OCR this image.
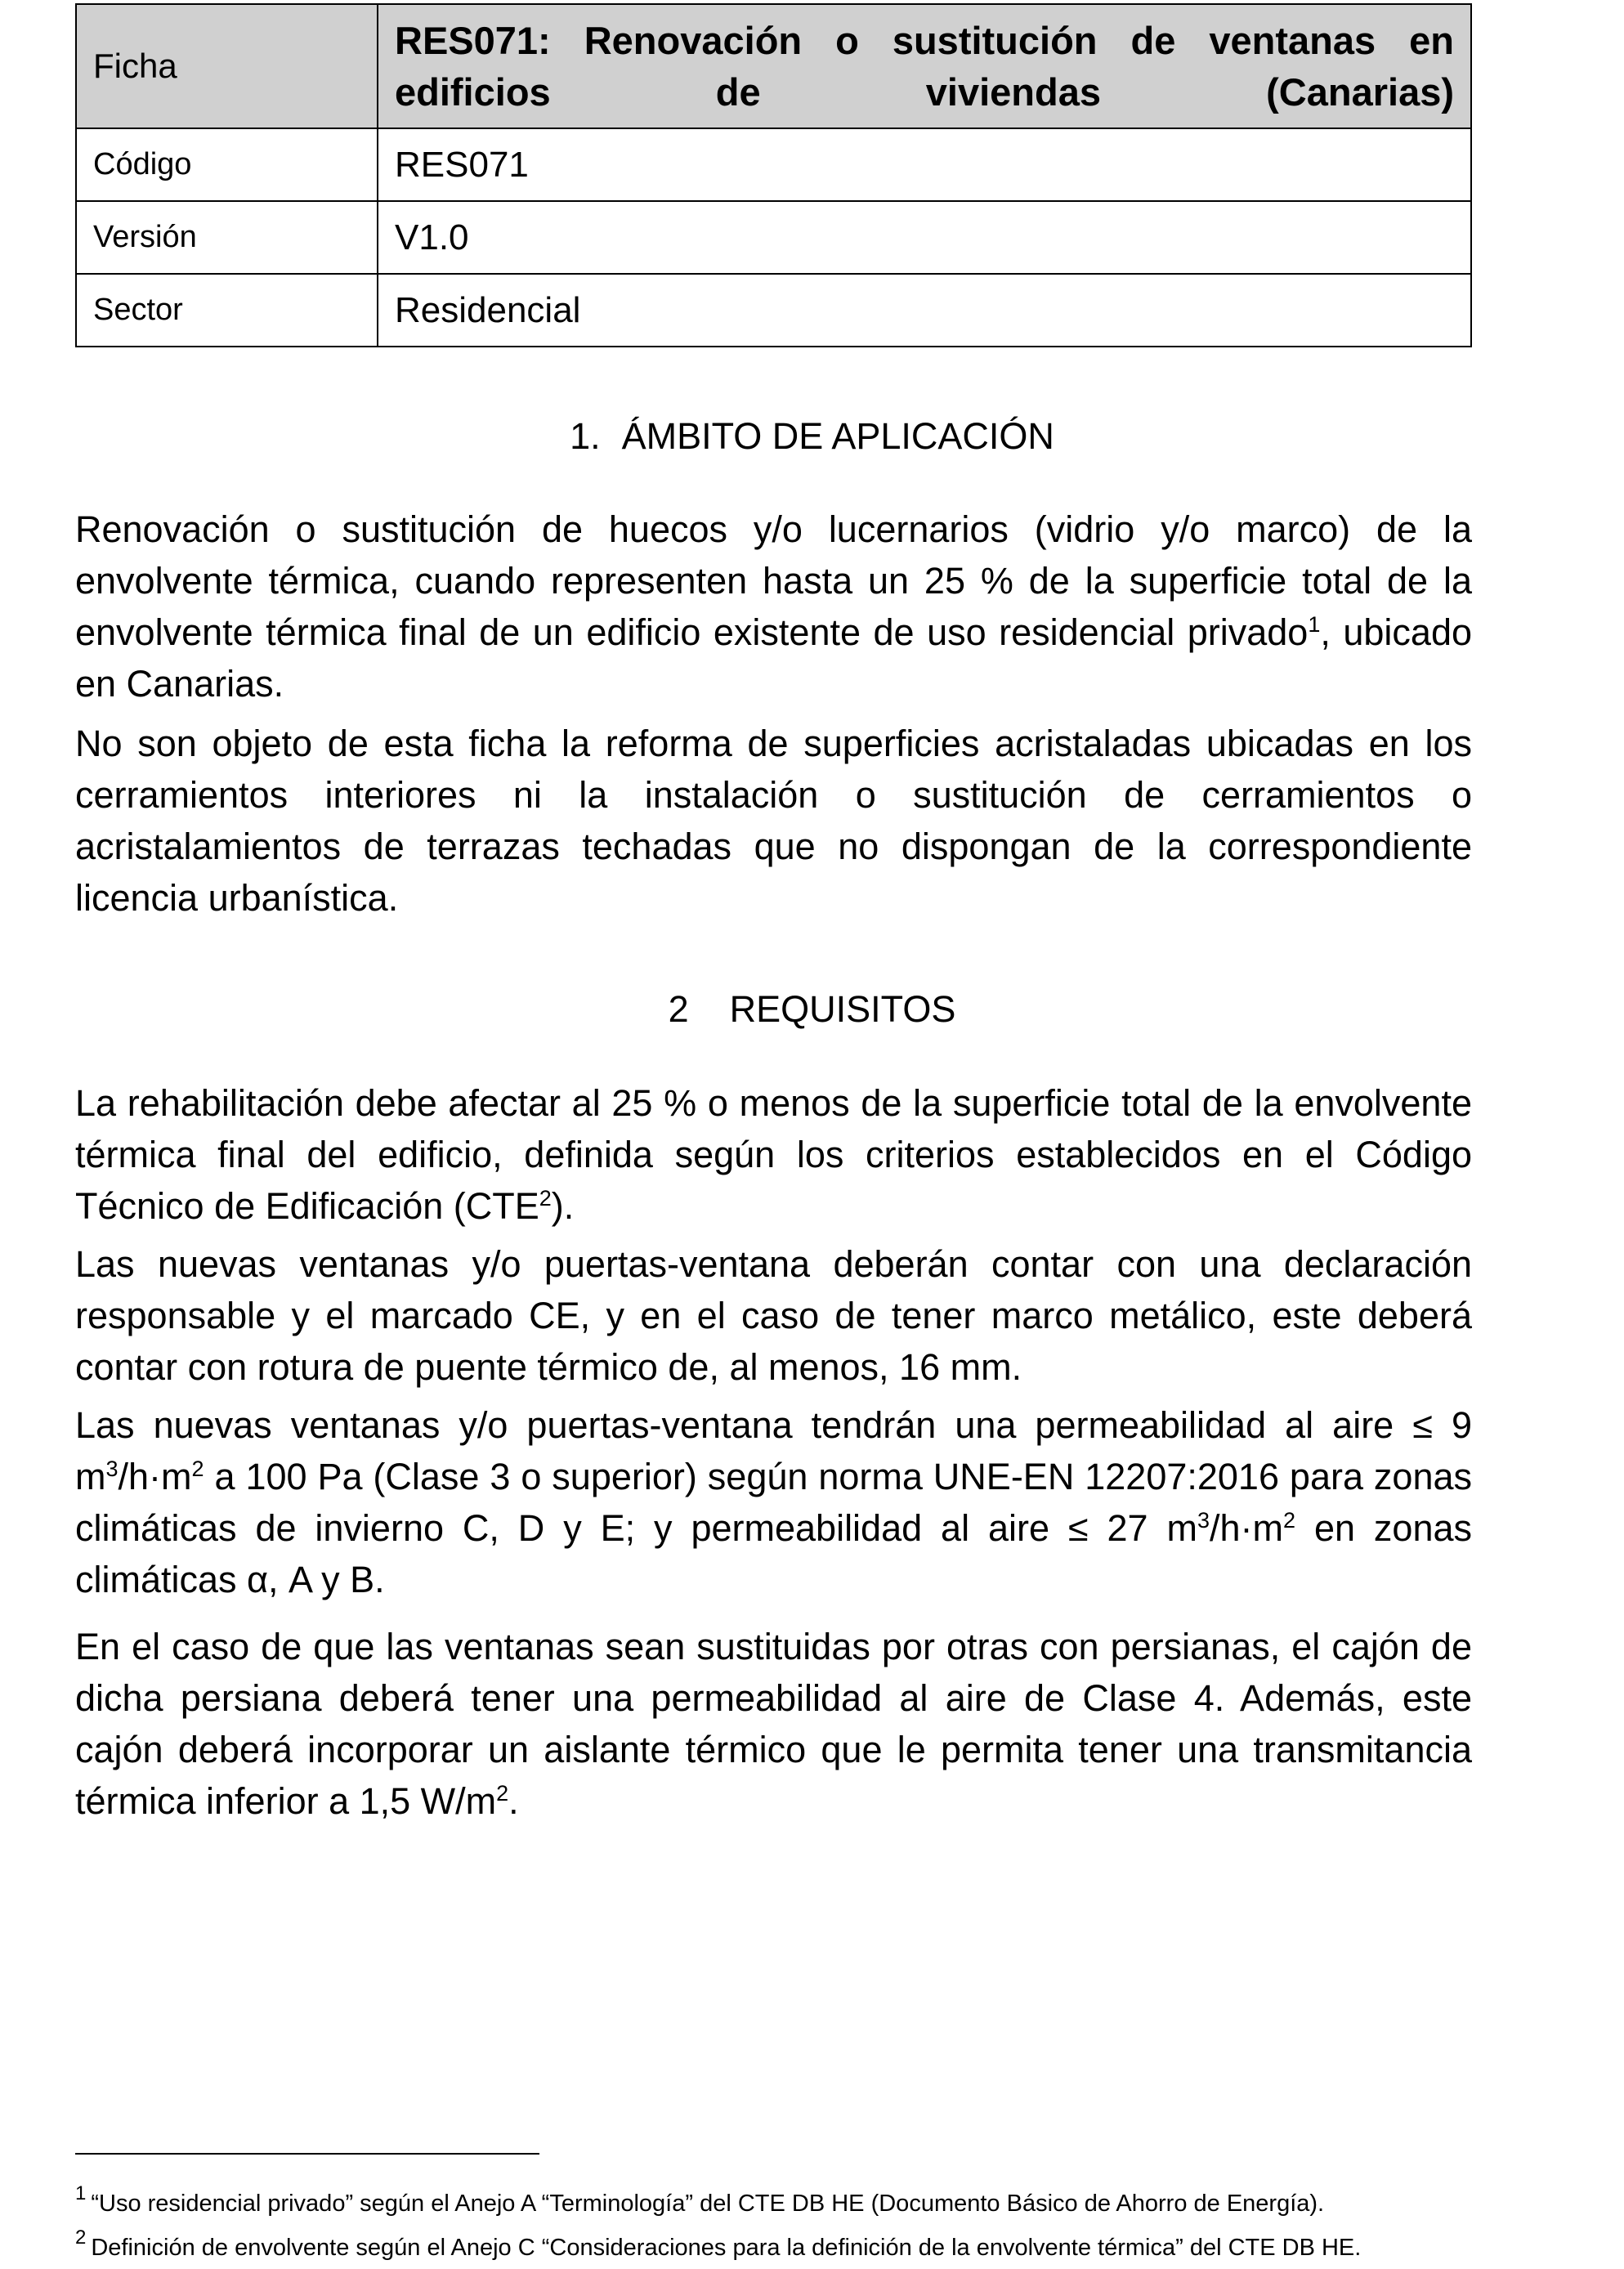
Ficha	RES071: Renovación o sustitución de ventanas en edificios de viviendas (Canarias)
Código	RES071
Versión	V1.0
Sector	Residencial
1. ÁMBITO DE APLICACIÓN

Renovación o sustitución de huecos y/o lucernarios (vidrio y/o marco) de la envolvente térmica, cuando representen hasta un 25 % de la superficie total de la envolvente térmica final de un edificio existente de uso residencial privado$^1$, ubicado en Canarias.

No son objeto de esta ficha la reforma de superficies acristaladas ubicadas en los cerramientos interiores ni la instalación o sustitución de cerramientos o acristalamientos de terrazas techadas que no dispongan de la correspondiente licencia urbanística.

2 REQUISITOS

La rehabilitación debe afectar al 25 % o menos de la superficie total de la envolvente térmica final del edificio, definida según los criterios establecidos en el Código Técnico de Edificación (CTE$^2$).

Las nuevas ventanas y/o puertas-ventana deberán contar con una declaración responsable y el marcado CE, y en el caso de tener marco metálico, este deberá contar con rotura de puente térmico de, al menos, 16 mm.

Las nuevas ventanas y/o puertas-ventana tendrán una permeabilidad al aire ≤ 9 $m^3/h\cdot m^2$ a 100 Pa (Clase 3 o superior) según norma UNE-EN 12207:2016 para zonas climáticas de invierno C, D y E; y permeabilidad al aire ≤ 27 $m^3/h\cdot m^2$ en zonas climáticas α, A y B.

En el caso de que las ventanas sean sustituidas por otras con persianas, el cajón de dicha persiana deberá tener una permeabilidad al aire de Clase 4. Además, este cajón deberá incorporar un aislante térmico que le permita tener una transmitancia térmica inferior a 1,5 $W/m^2$.

$^1$ “Uso residencial privado” según el Anejo A “Terminología” del CTE DB HE (Documento Básico de Ahorro de Energía).

$^2$ Definición de envolvente según el Anejo C “Consideraciones para la definición de la envolvente térmica” del CTE DB HE.
